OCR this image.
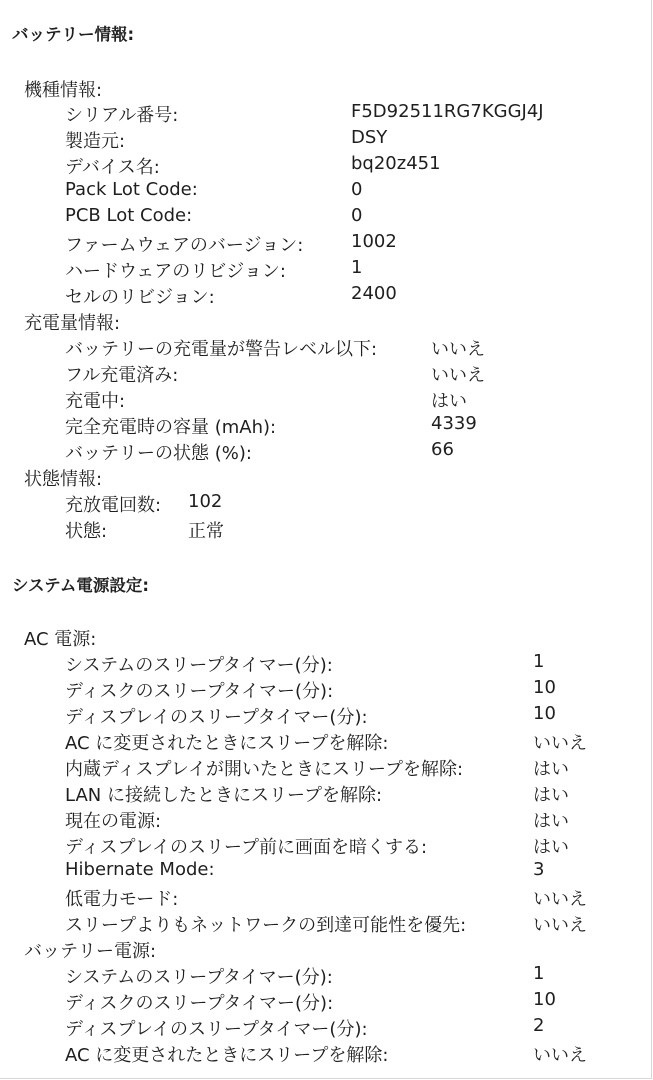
バッテリー情報:
機種情報:
シリアル番号:	F5D92511RG7KGGJ4J
製造元:	DSY
デバイス名:	bq20z451
Pack Lot Code:	0
PCB Lot Code:	0
ファームウェアのバージョン:	1002
ハードウェアのリビジョン:	1
セルのリビジョン:	2400
充電量情報:
バッテリーの充電量が警告レベル以下:	いいえ
フル充電済み:	いいえ
充電中:	はい
完全充電時の容量 (mAh):	4339
バッテリーの状態 (%):	66
状態情報:
充放電回数: 102
状態:	正常
システム電源設定:
AC 電源:
システムのスリープタイマー(分):	1
ディスクのスリープタイマー(分):	10
ディスプレイのスリープタイマー(分):	10
AC に変更されたときにスリープを解除:	いいえ
内蔵ディスプレイが開いたときにスリープを解除:	はい
LAN に接続したときにスリープを解除:	はい
現在の電源:	はい
ディスプレイのスリープ前に画面を暗くする:	はい
Hibernate Mode:	3
低電力モード:	いいえ
スリープよりもネットワークの到達可能性を優先:	いいえ
バッテリー電源:
システムのスリープタイマー(分):	1
ディスクのスリープタイマー(分):	10
ディスプレイのスリープタイマー(分):	2
AC に変更されたときにスリープを解除:	いいえ
